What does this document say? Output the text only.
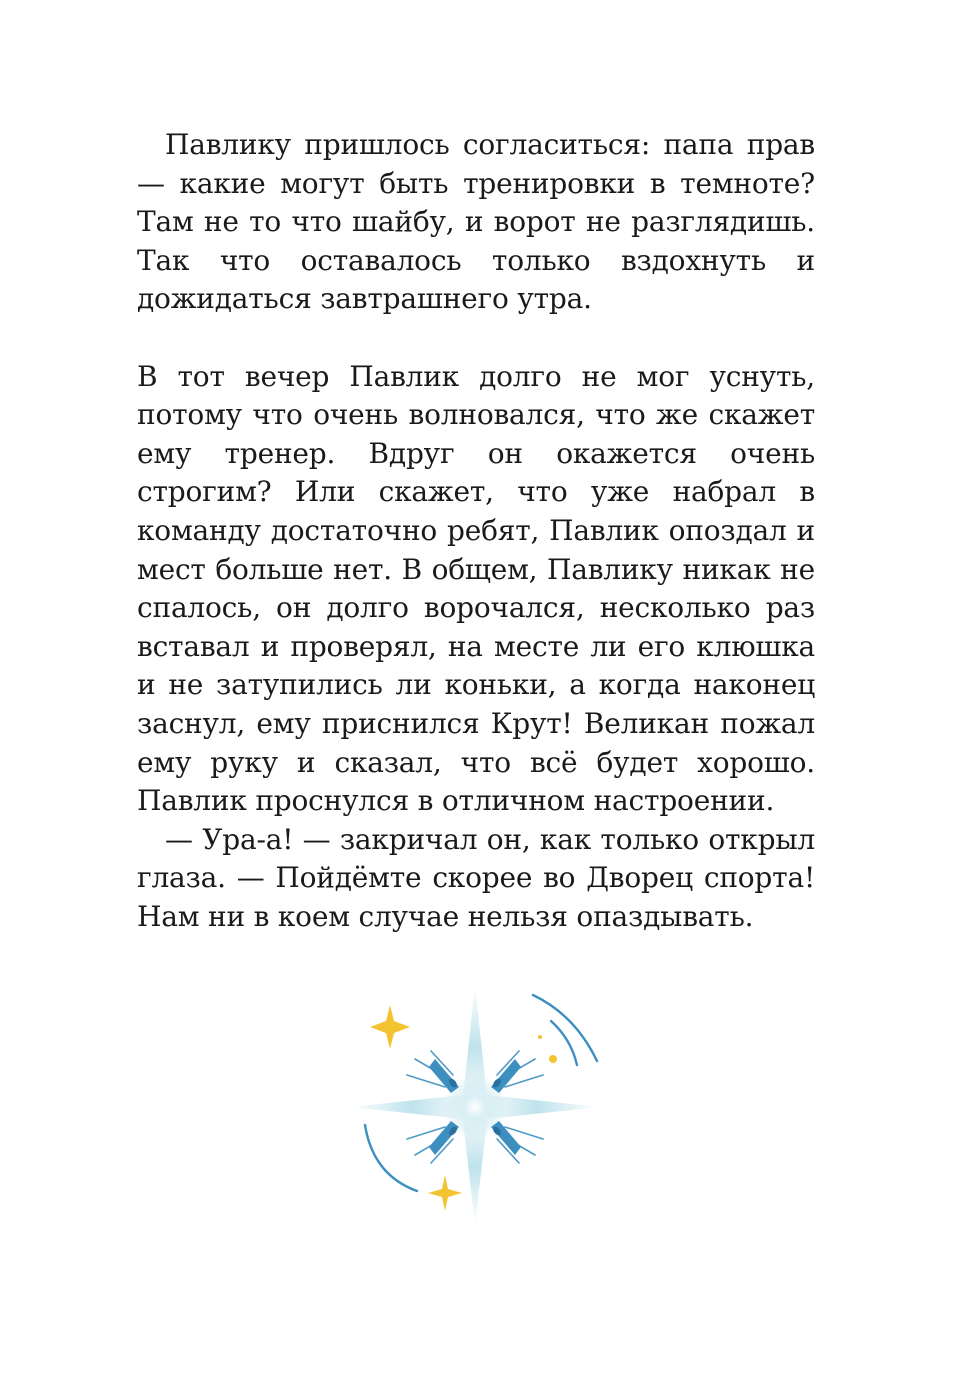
Павлику пришлось согласиться: папа прав — какие могут быть тренировки в темноте? Там не то что шайбу, и ворот не разглядишь. Так что оставалось только вздохнуть и дожидаться завтрашнего утра.

В тот вечер Павлик долго не мог уснуть, потому что очень волновался, что же скажет ему тренер. Вдруг он окажется очень строгим? Или скажет, что уже набрал в команду достаточно ребят, Павлик опоздал и мест больше нет. В общем, Павлику никак не спалось, он долго ворочался, несколько раз вставал и проверял, на месте ли его клюшка и не затупились ли коньки, а когда наконец заснул, ему приснился Крут! Великан пожал ему руку и сказал, что всё будет хорошо. Павлик проснулся в отличном настроении.

— Ура-а! — закричал он, как только открыл глаза. — Пойдёмте скорее во Дворец спорта! Нам ни в коем случае нельзя опаздывать.
